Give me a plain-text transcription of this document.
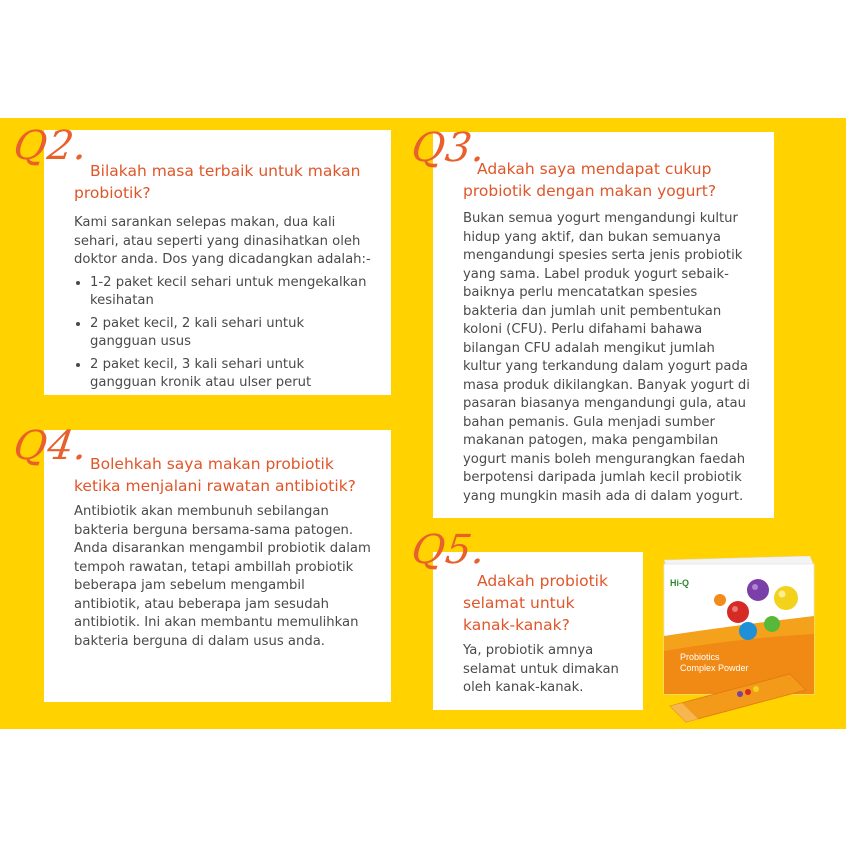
Bilakah masa terbaik untuk makan probiotik?

Kami sarankan selepas makan, dua kali sehari, atau seperti yang dinasihatkan oleh doktor anda. Dos yang dicadangkan adalah:-

• 1-2 paket kecil sehari untuk mengekalkan kesihatan
• 2 paket kecil, 2 kali sehari untuk gangguan usus
• 2 paket kecil, 3 kali sehari untuk gangguan kronik atau ulser perut
Q2.	Adakah saya mendapat cukup probiotik dengan makan yogurt?

Bukan semua yogurt mengandungi kultur hidup yang aktif, dan bukan semuanya mengandungi spesies serta jenis probiotik yang sama. Label produk yogurt sebaik-baiknya perlu mencatatkan spesies bakteria dan jumlah unit pembentukan koloni (CFU). Perlu difahami bahawa bilangan CFU adalah mengikut jumlah kultur yang terkandung dalam yogurt pada masa produk dikilangkan. Banyak yogurt di pasaran biasanya mengandungi gula, atau bahan pemanis. Gula menjadi sumber makanan patogen, maka pengambilan yogurt manis boleh mengurangkan faedah berpotensi daripada jumlah kecil probiotik yang mungkin masih ada di dalam yogurt.

Q3.
Bolehkah saya makan probiotik ketika menjalani rawatan antibiotik?

Antibiotik akan membunuh sebilangan bakteria berguna bersama-sama patogen. Anda disarankan mengambil probiotik dalam tempoh rawatan, tetapi ambillah probiotik beberapa jam sebelum mengambil antibiotik, atau beberapa jam sesudah antibiotik. Ini akan membantu memulihkan bakteria berguna di dalam usus anda.

Q4.
Adakah probiotik selamat untuk kanak-kanak?

Ya, probiotik amnya selamat untuk dimakan oleh kanak-kanak.

Q5.
Hi-Q
Probiotics
Complex Powder
